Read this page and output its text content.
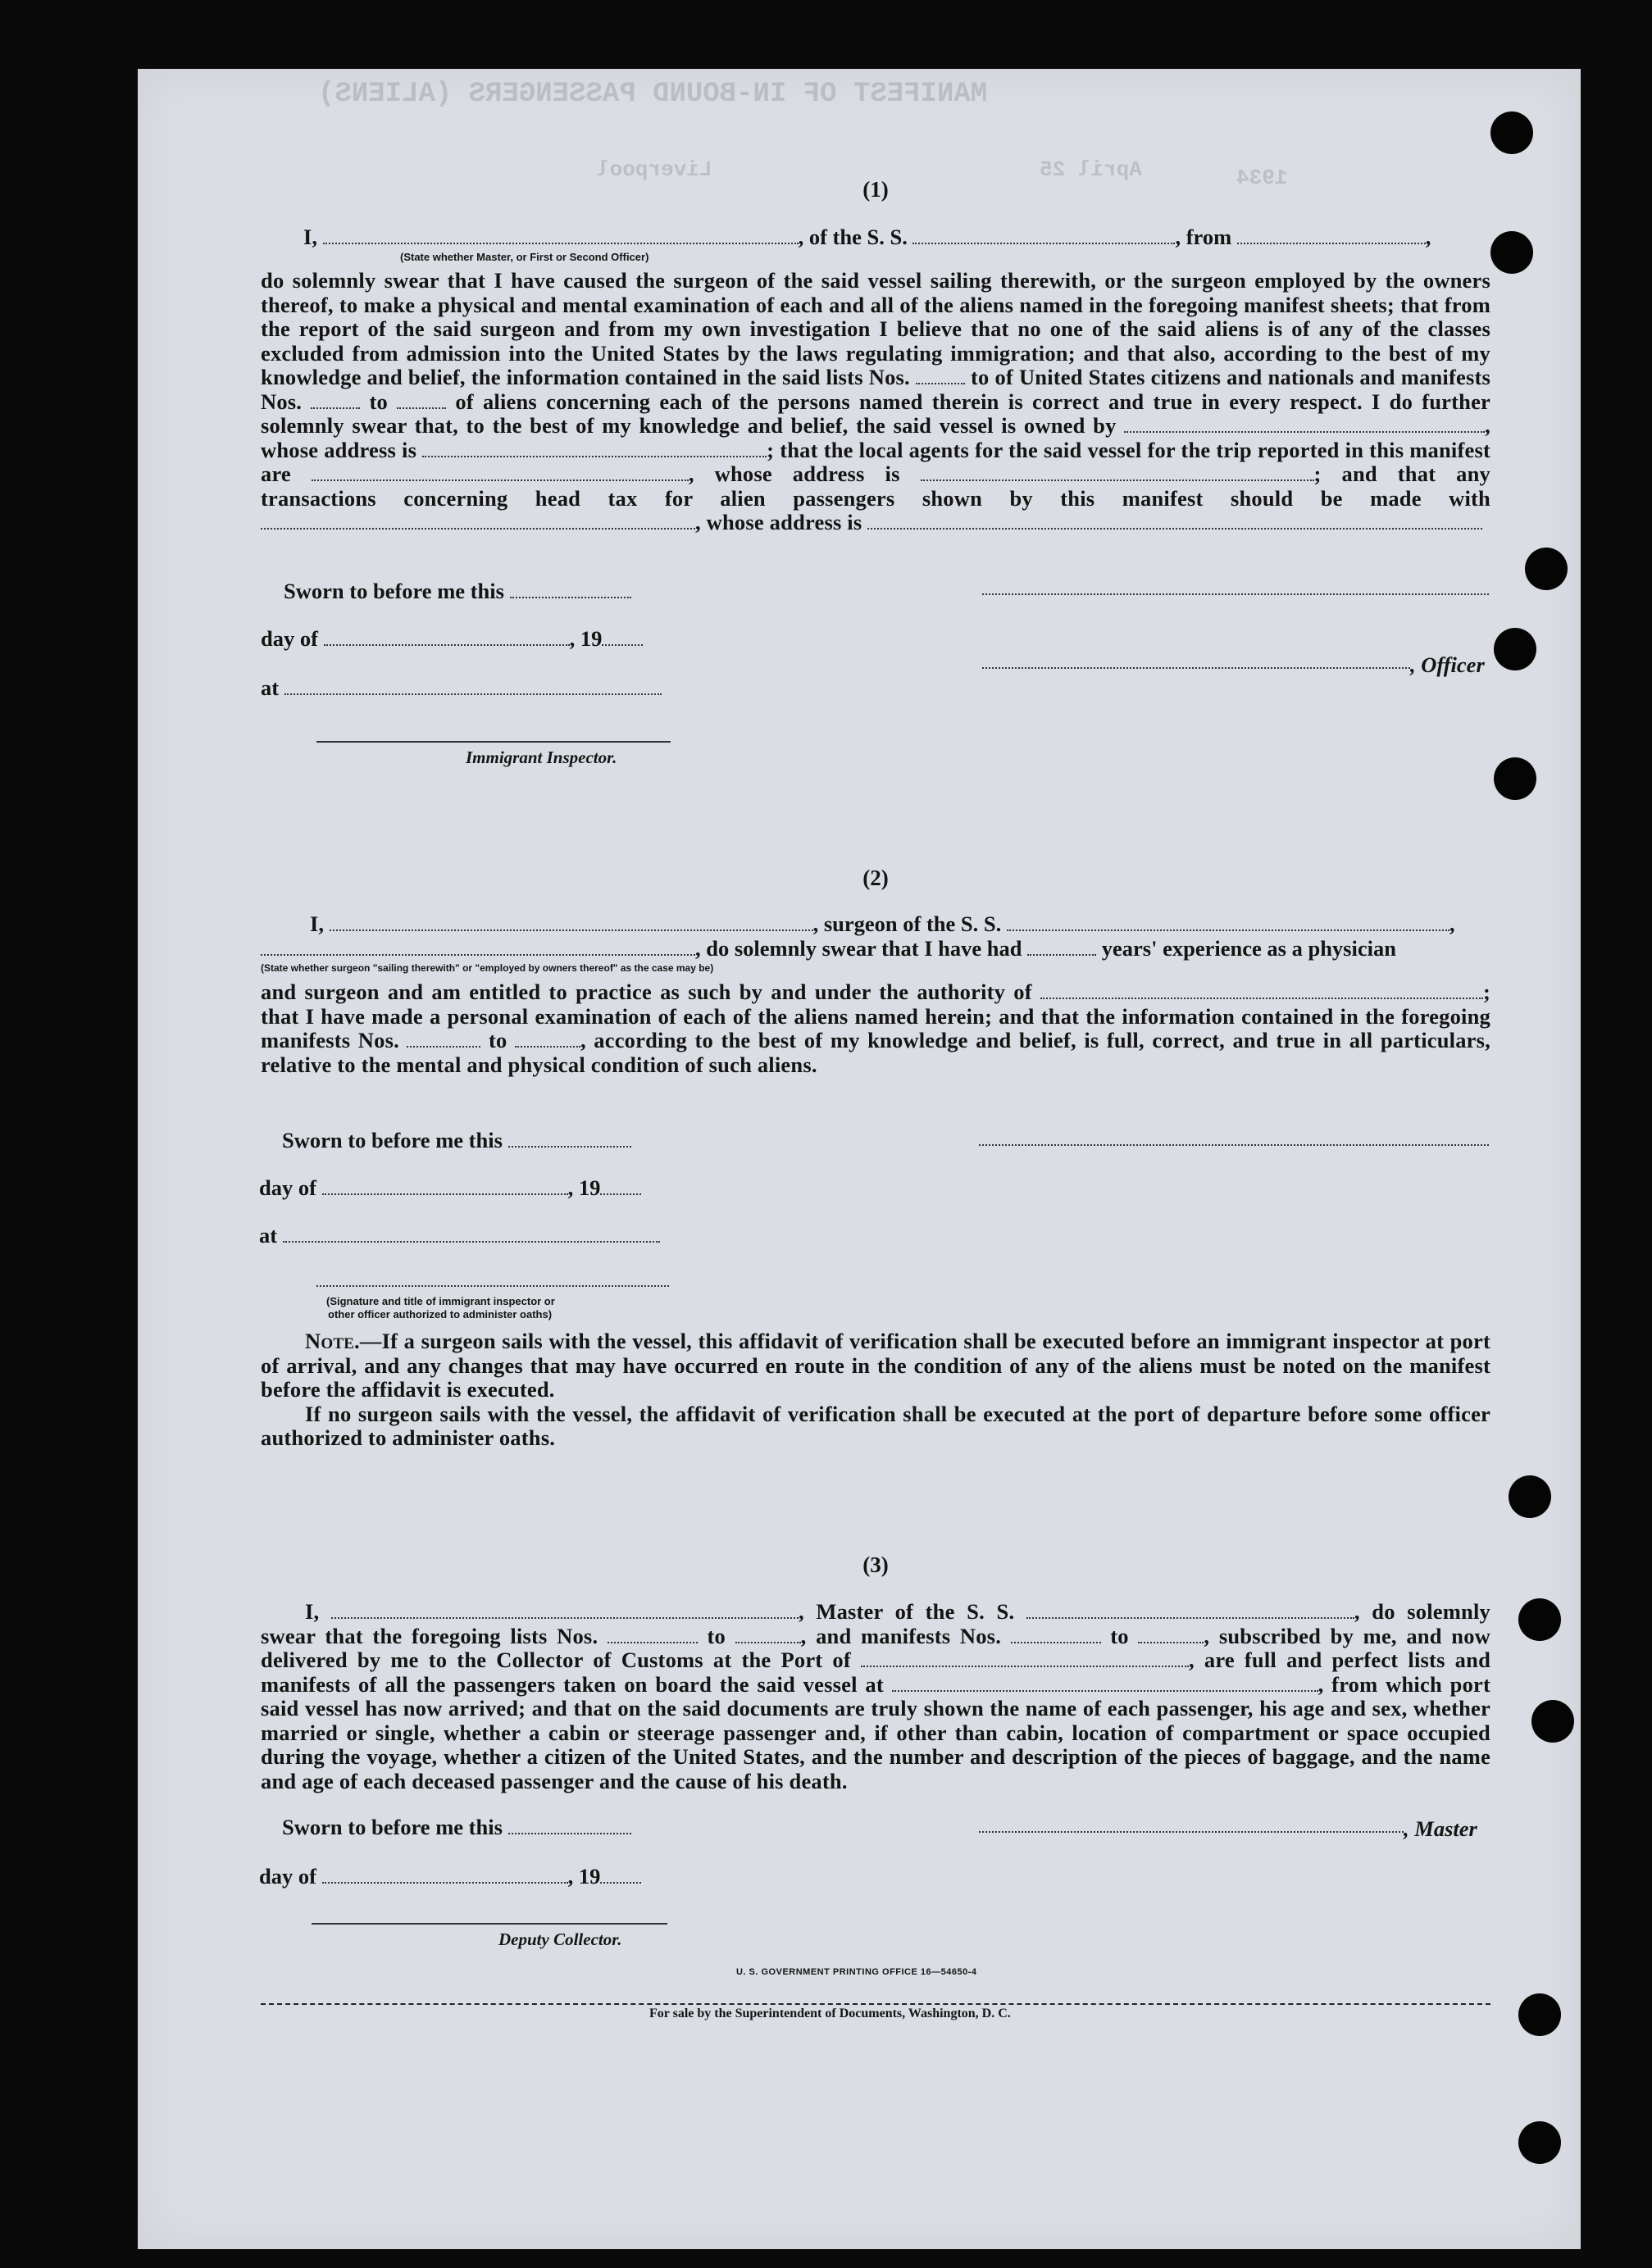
MANIFEST OF IN-BOUND PASSENGERS (ALIENS)
Liverpool	April 25	1934

(1)

I,	, of the S. S.	, from	,
(State whether Master, or First or Second Officer)

do solemnly swear that I have caused the surgeon of the said vessel sailing therewith, or the surgeon employed by the owners thereof, to make a physical and mental examination of each and all of the aliens named in the foregoing manifest sheets; that from the report of the said surgeon and from my own investigation I believe that no one of the said aliens is of any of the classes excluded from admission into the United States by the laws regulating immigration; and that also, according to the best of my knowledge and belief, the information contained in the said lists Nos.	to of United States citizens and nationals and manifests Nos.	to	of aliens concerning each of the persons named therein is correct and true in every respect. I do further solemnly swear that, to the best of my knowledge and belief, the said vessel is owned by	, whose address is	; that the local agents for the said vessel for the trip reported in this manifest are	, whose address is	; and that any transactions concerning head tax for alien passengers shown by this manifest should be made with , whose address is

Sworn to before me this
day of	, 19
, Officer
at
Immigrant Inspector.

(2)

I,	, surgeon of the S. S.	,
, do solemnly swear that I have had	years' experience as a physician
(State whether surgeon "sailing therewith" or "employed by owners thereof" as the case may be)

and surgeon and am entitled to practice as such by and under the authority of	; that I have made a personal examination of each of the aliens named herein; and that the information contained in the foregoing manifests Nos.	to	, according to the best of my knowledge and belief, is full, correct, and true in all particulars, relative to the mental and physical condition of such aliens.

Sworn to before me this
day of	, 19
at
(Signature and title of immigrant inspector or
other officer authorized to administer oaths)

Note.—If a surgeon sails with the vessel, this affidavit of verification shall be executed before an immigrant inspector at port of arrival, and any changes that may have occurred en route in the condition of any of the aliens must be noted on the manifest before the affidavit is executed.

If no surgeon sails with the vessel, the affidavit of verification shall be executed at the port of departure before some officer authorized to administer oaths.

(3)

I,	, Master of the S. S.	, do solemnly swear that the foregoing lists Nos.	to	, and manifests Nos.	to	, subscribed by me, and now delivered by me to the Collector of Customs at the Port of	, are full and perfect lists and manifests of all the passengers taken on board the said vessel at	, from which port said vessel has now arrived; and that on the said documents are truly shown the name of each passenger, his age and sex, whether married or single, whether a cabin or steerage passenger and, if other than cabin, location of compartment or space occupied during the voyage, whether a citizen of the United States, and the number and description of the pieces of baggage, and the name and age of each deceased passenger and the cause of his death.

Sworn to before me this	, Master
day of	, 19
Deputy Collector.
U. S. GOVERNMENT PRINTING OFFICE 16—54650-4
For sale by the Superintendent of Documents, Washington, D. C.
